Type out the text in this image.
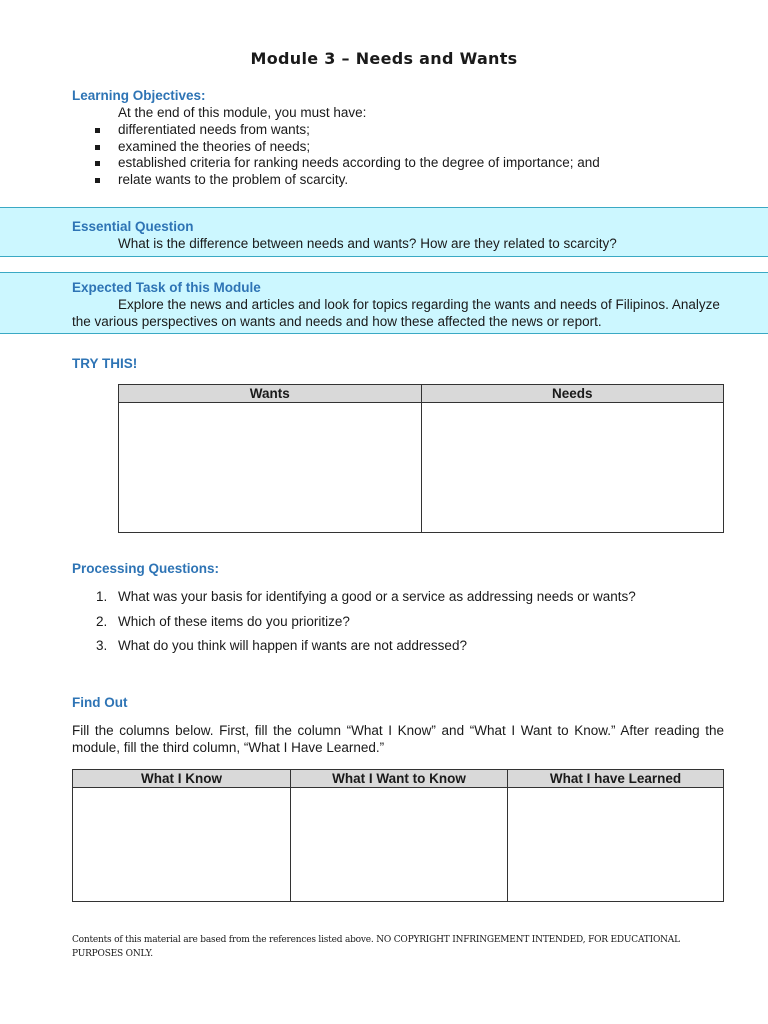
Module 3 – Needs and Wants
Learning Objectives:
At the end of this module, you must have:
differentiated needs from wants;
examined the theories of needs;
established criteria for ranking needs according to the degree of importance; and
relate wants to the problem of scarcity.
Essential Question
What is the difference between needs and wants? How are they related to scarcity?
Expected Task of this Module
Explore the news and articles and look for topics regarding the wants and needs of Filipinos. Analyze the various perspectives on wants and needs and how these affected the news or report.
TRY THIS!
Wants	Needs

Processing Questions:
1. What was your basis for identifying a good or a service as addressing needs or wants?
2. Which of these items do you prioritize?
3. What do you think will happen if wants are not addressed?
Find Out
Fill the columns below. First, fill the column “What I Know” and “What I Want to Know.” After reading the module, fill the third column, “What I Have Learned.”
What I Know	What I Want to Know	What I have Learned

Contents of this material are based from the references listed above. NO COPYRIGHT INFRINGEMENT INTENDED, FOR EDUCATIONAL PURPOSES ONLY.
